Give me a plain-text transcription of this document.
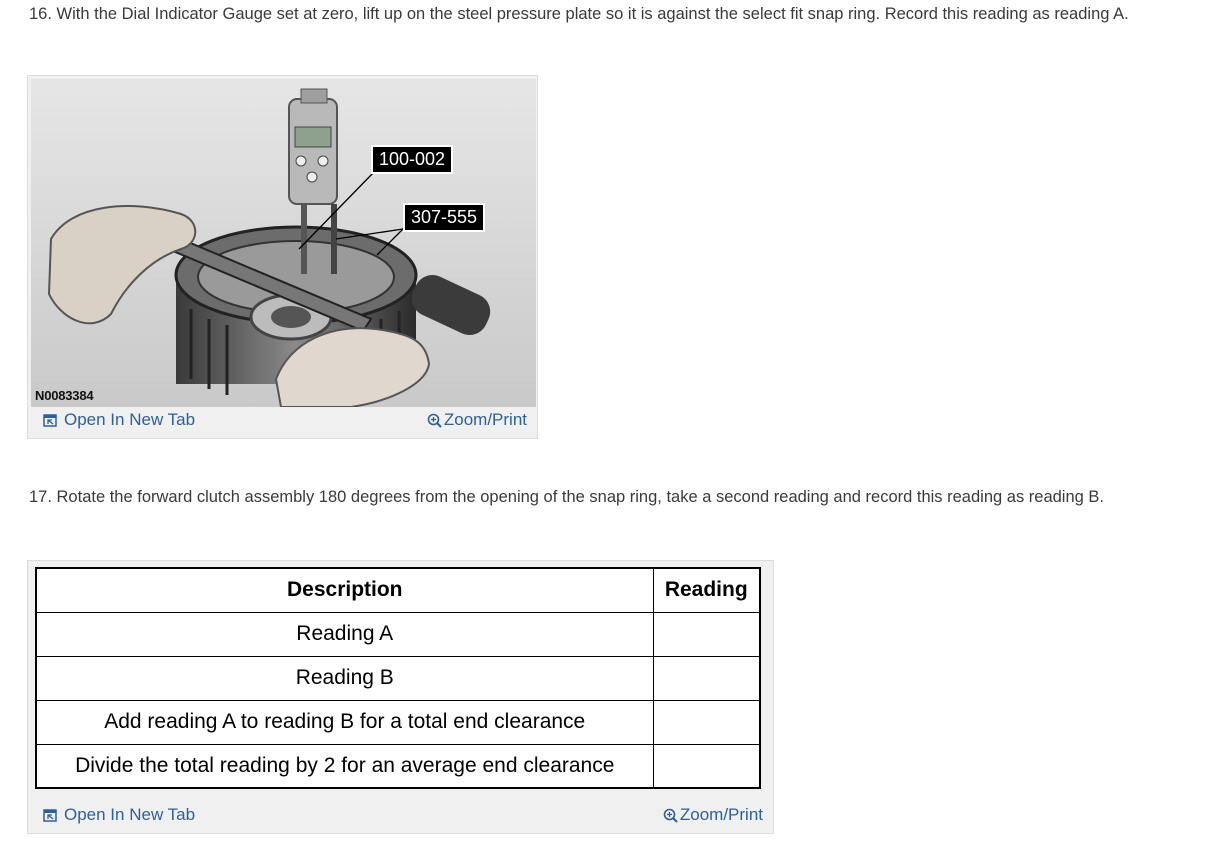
16. With the Dial Indicator Gauge set at zero, lift up on the steel pressure plate so it is against the select fit snap ring. Record this reading as reading A.

100-002
307-555
N0083384
Open In New Tab	Zoom/Print

17. Rotate the forward clutch assembly 180 degrees from the opening of the snap ring, take a second reading and record this reading as reading B.

Description	Reading
Reading A	
Reading B	
Add reading A to reading B for a total end clearance	
Divide the total reading by 2 for an average end clearance	
Open In New Tab	Zoom/Print
